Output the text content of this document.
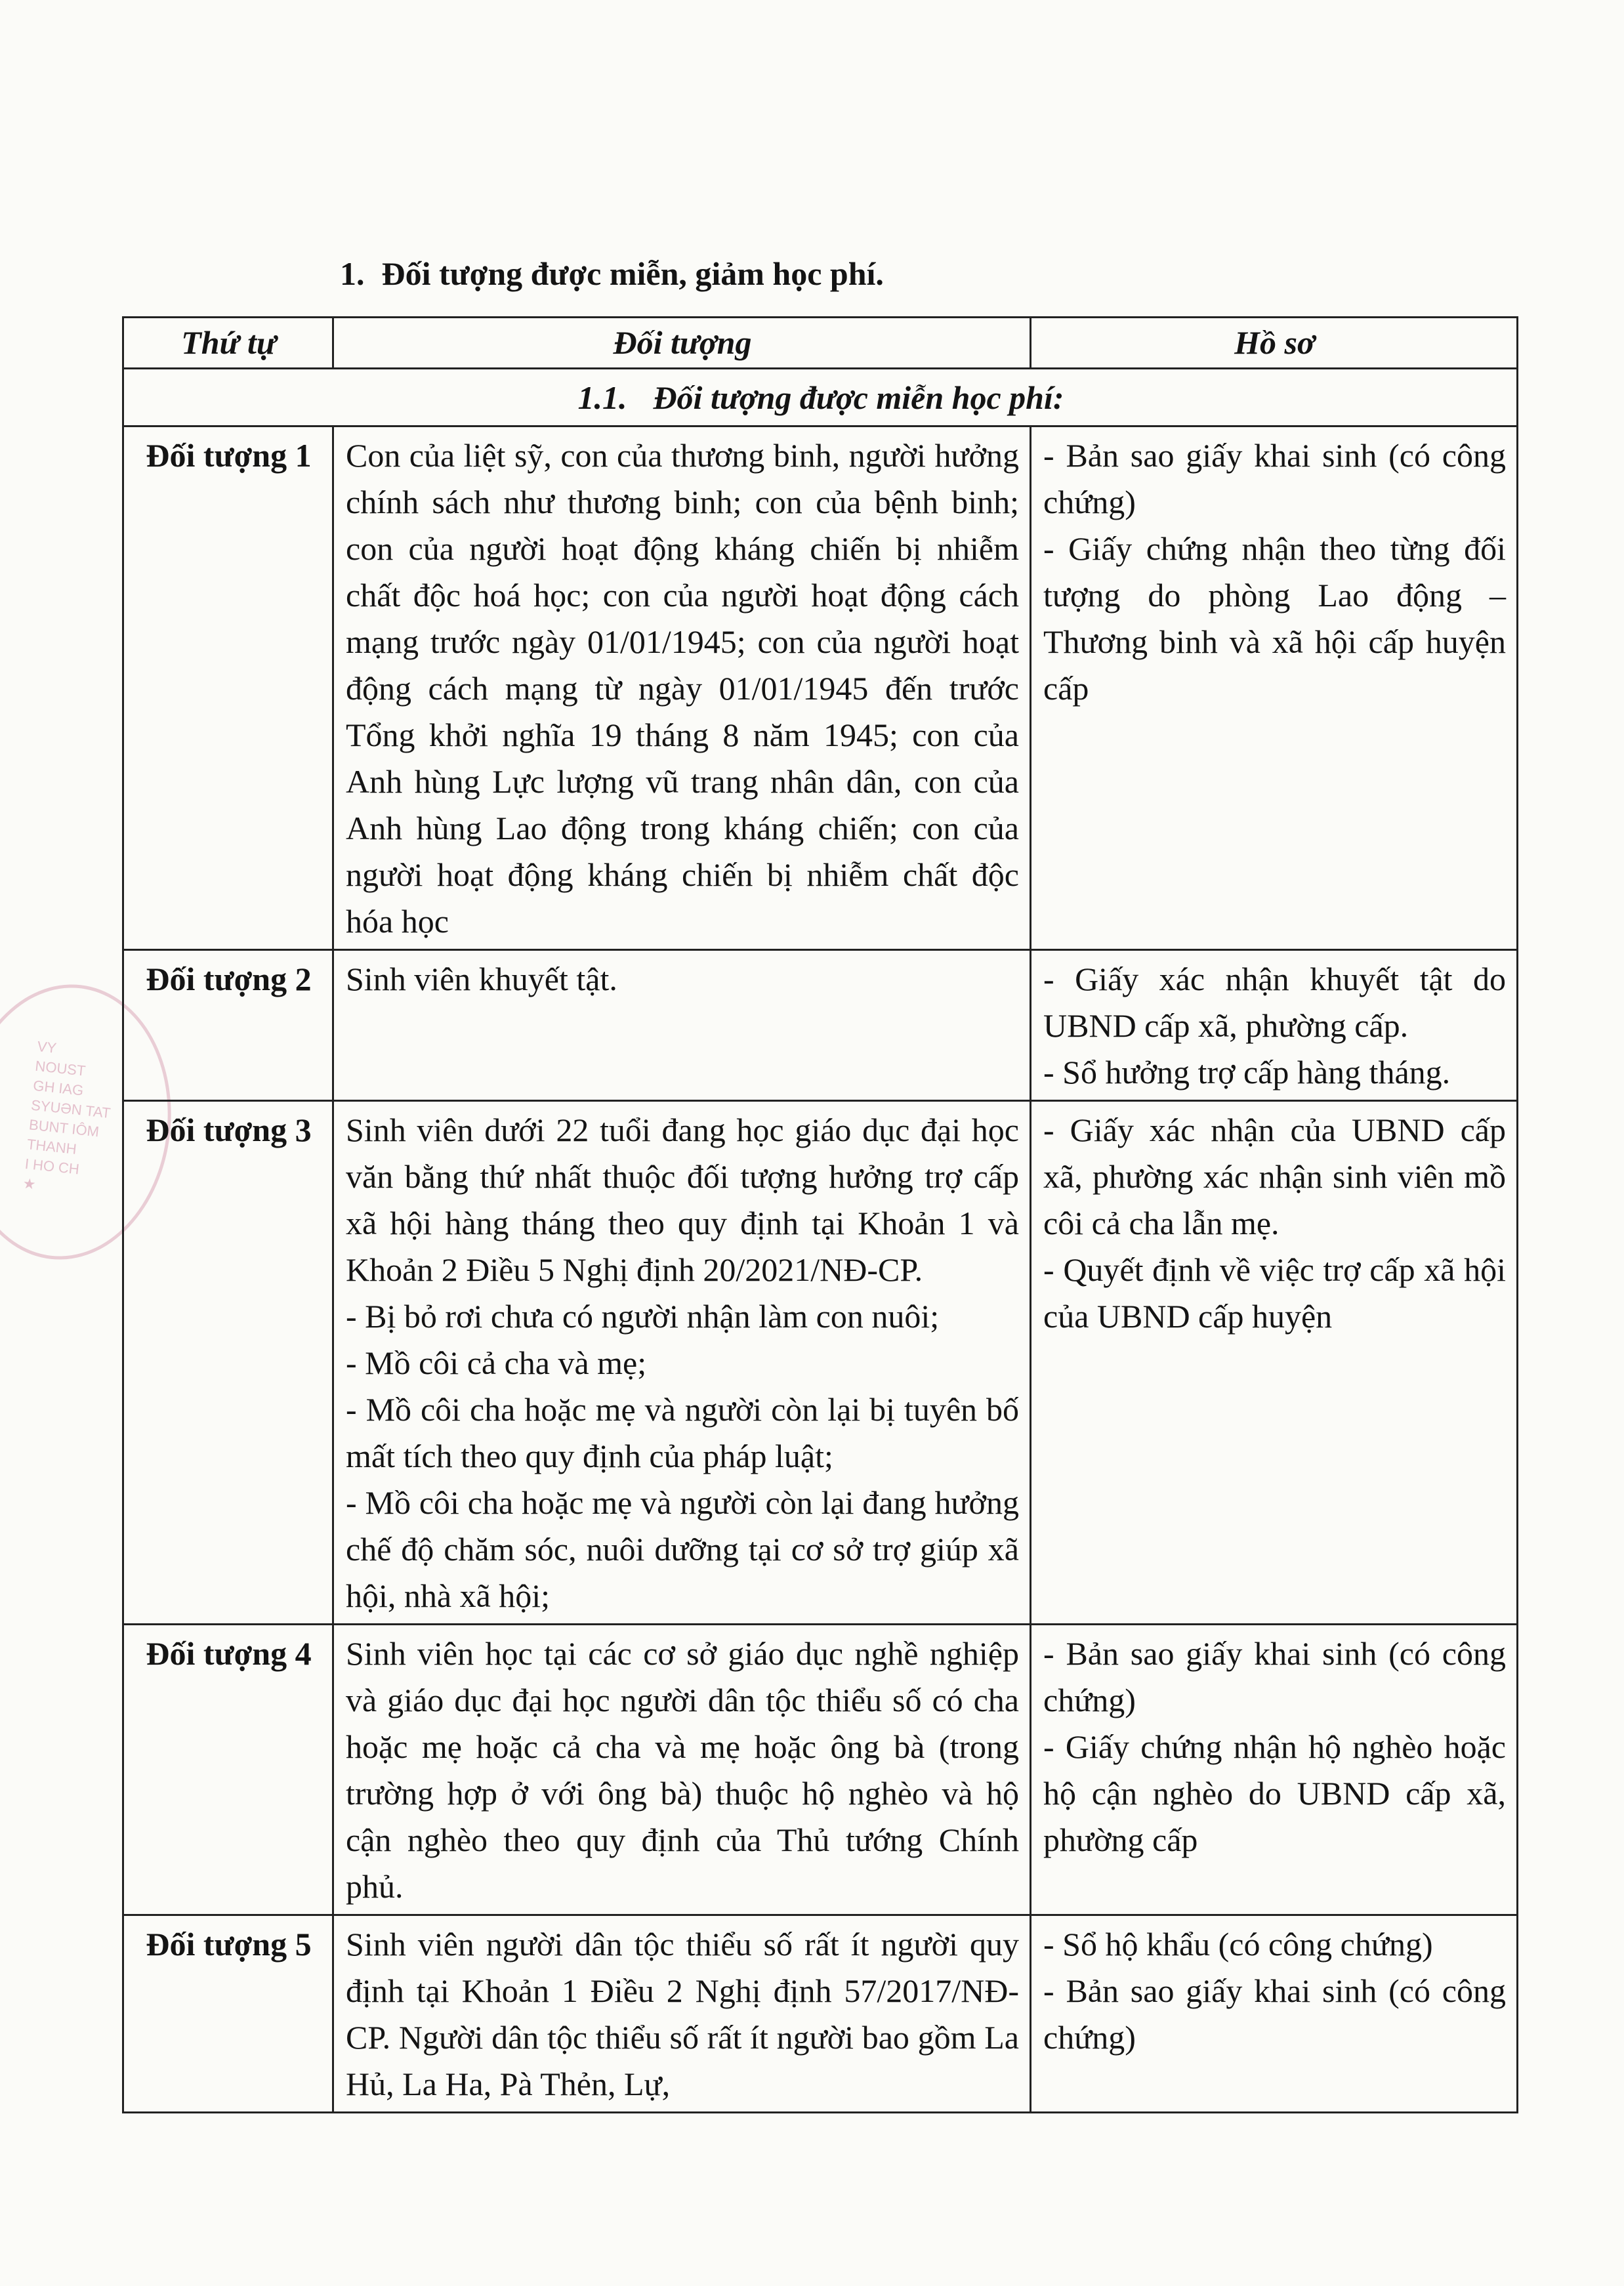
VY
NOUST
GH IAG
SYUƏN TAT
BUNT IÔM
THANH
I HO CH
★
1. Đối tượng được miễn, giảm học phí.
Thứ tự	Đối tượng	Hồ sơ
1.1. Đối tượng được miễn học phí:		
Đối tượng 1	Con của liệt sỹ, con của thương binh, người hưởng chính sách như thương binh; con của bệnh binh; con của người hoạt động kháng chiến bị nhiễm chất độc hoá học; con của người hoạt động cách mạng trước ngày 01/01/1945; con của người hoạt động cách mạng từ ngày 01/01/1945 đến trước Tổng khởi nghĩa 19 tháng 8 năm 1945; con của Anh hùng Lực lượng vũ trang nhân dân, con của Anh hùng Lao động trong kháng chiến; con của người hoạt động kháng chiến bị nhiễm chất độc hóa học	- Bản sao giấy khai sinh (có công chứng)
- Giấy chứng nhận theo từng đối tượng do phòng Lao động – Thương binh và xã hội cấp huyện cấp

Đối tượng 2	Sinh viên khuyết tật.	- Giấy xác nhận khuyết tật do UBND cấp xã, phường cấp.
- Sổ hưởng trợ cấp hàng tháng.

Đối tượng 3	Sinh viên dưới 22 tuổi đang học giáo dục đại học văn bằng thứ nhất thuộc đối tượng hưởng trợ cấp xã hội hàng tháng theo quy định tại Khoản 1 và Khoản 2 Điều 5 Nghị định 20/2021/NĐ-CP.
- Bị bỏ rơi chưa có người nhận làm con nuôi;
- Mồ côi cả cha và mẹ;
- Mồ côi cha hoặc mẹ và người còn lại bị tuyên bố mất tích theo quy định của pháp luật;
- Mồ côi cha hoặc mẹ và người còn lại đang hưởng chế độ chăm sóc, nuôi dưỡng tại cơ sở trợ giúp xã hội, nhà xã hội;	- Giấy xác nhận của UBND cấp xã, phường xác nhận sinh viên mồ côi cả cha lẫn mẹ.
- Quyết định về việc trợ cấp xã hội của UBND cấp huyện

Đối tượng 4	Sinh viên học tại các cơ sở giáo dục nghề nghiệp và giáo dục đại học người dân tộc thiểu số có cha hoặc mẹ hoặc cả cha và mẹ hoặc ông bà (trong trường hợp ở với ông bà) thuộc hộ nghèo và hộ cận nghèo theo quy định của Thủ tướng Chính phủ.	- Bản sao giấy khai sinh (có công chứng)
- Giấy chứng nhận hộ nghèo hoặc hộ cận nghèo do UBND cấp xã, phường cấp

Đối tượng 5	Sinh viên người dân tộc thiểu số rất ít người quy định tại Khoản 1 Điều 2 Nghị định 57/2017/NĐ-CP. Người dân tộc thiểu số rất ít người bao gồm La Hủ, La Ha, Pà Thẻn, Lự,	- Sổ hộ khẩu (có công chứng)
- Bản sao giấy khai sinh (có công chứng)
